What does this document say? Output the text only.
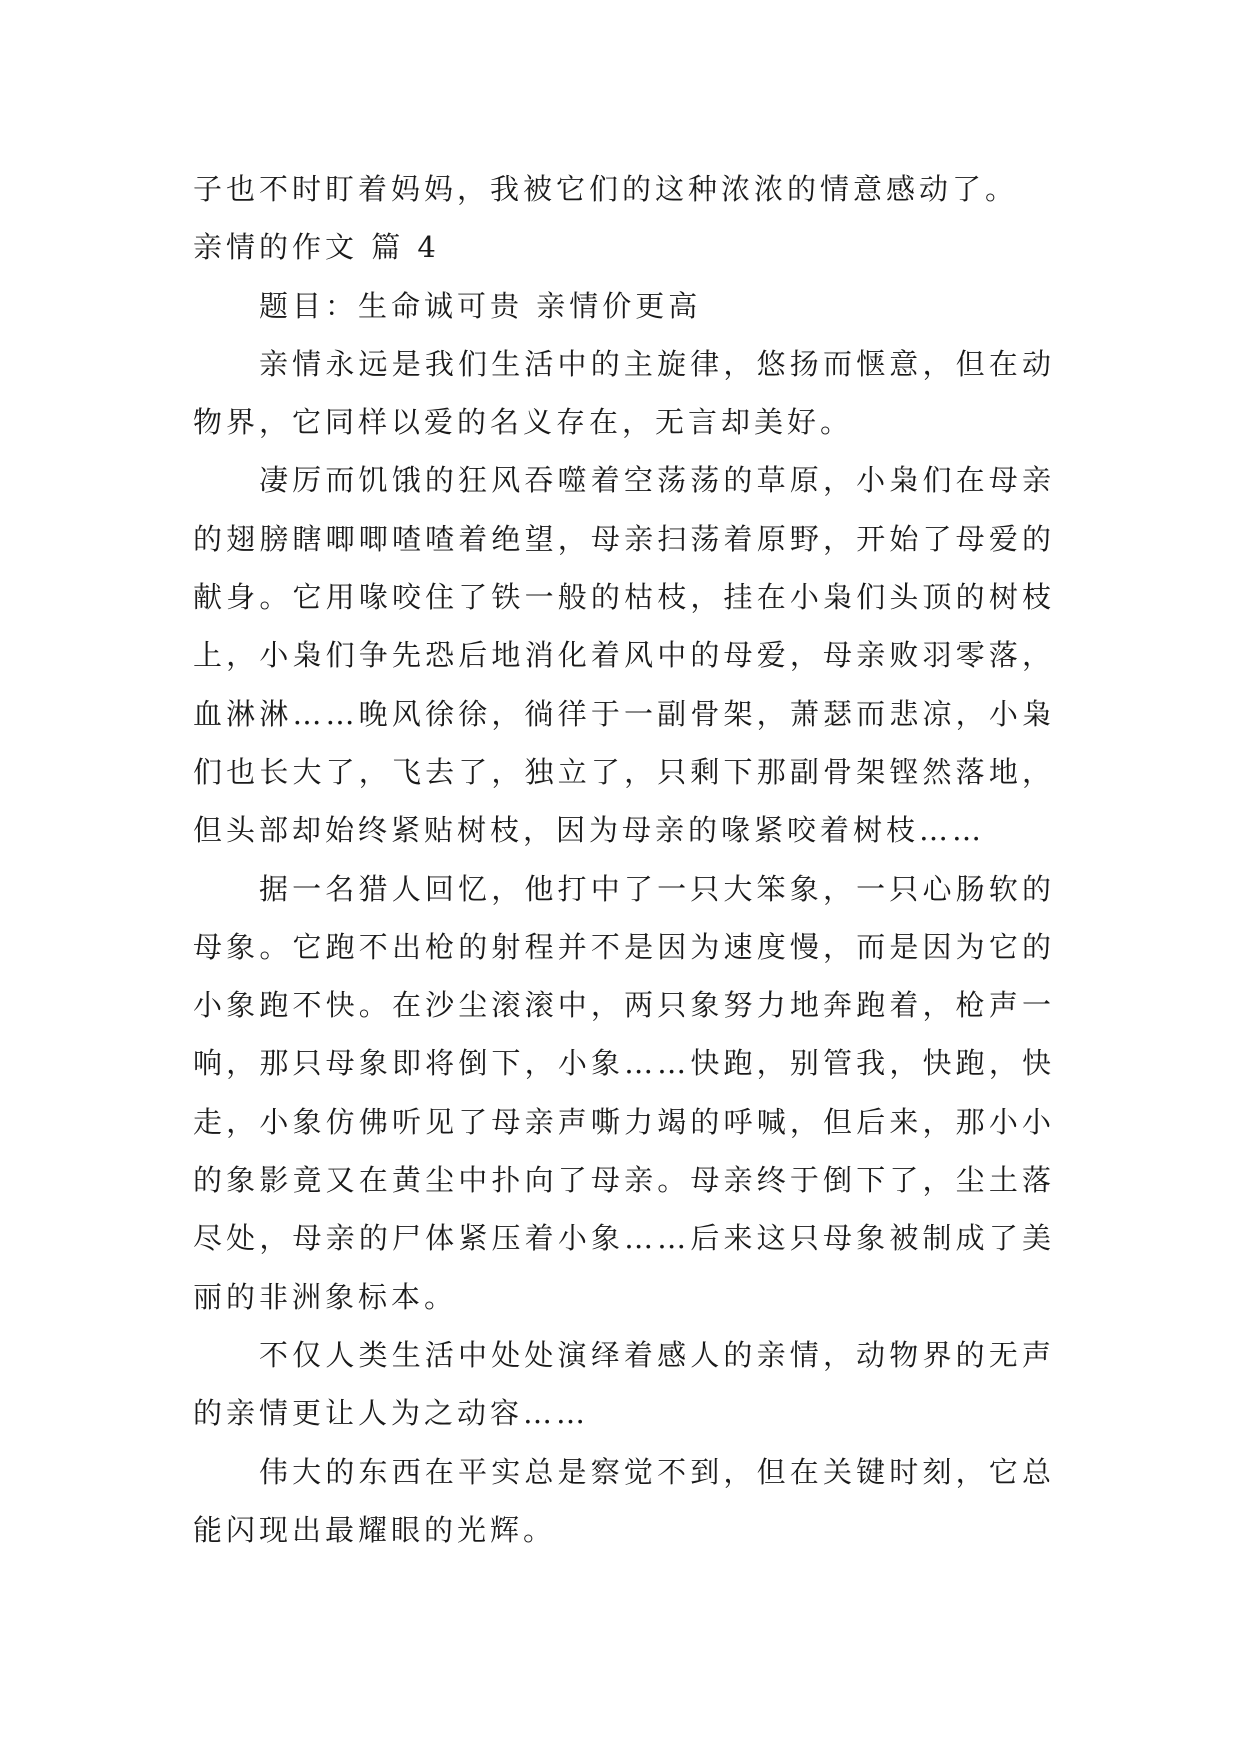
子也不时盯着妈妈，我被它们的这种浓浓的情意感动了。

亲情的作文 篇 4

题目：生命诚可贵 亲情价更高

亲情永远是我们生活中的主旋律，悠扬而惬意，但在动物界，它同样以爱的名义存在，无言却美好。

凄厉而饥饿的狂风吞噬着空荡荡的草原，小枭们在母亲的翅膀瞎唧唧喳喳着绝望，母亲扫荡着原野，开始了母爱的献身。它用喙咬住了铁一般的枯枝，挂在小枭们头顶的树枝上，小枭们争先恐后地消化着风中的母爱，母亲败羽零落，血淋淋……晚风徐徐，徜徉于一副骨架，萧瑟而悲凉，小枭们也长大了，飞去了，独立了，只剩下那副骨架铿然落地，但头部却始终紧贴树枝，因为母亲的喙紧咬着树枝……

据一名猎人回忆，他打中了一只大笨象，一只心肠软的母象。它跑不出枪的射程并不是因为速度慢，而是因为它的小象跑不快。在沙尘滚滚中，两只象努力地奔跑着，枪声一响，那只母象即将倒下，小象……快跑，别管我，快跑，快走，小象仿佛听见了母亲声嘶力竭的呼喊，但后来，那小小的象影竟又在黄尘中扑向了母亲。母亲终于倒下了，尘土落尽处，母亲的尸体紧压着小象……后来这只母象被制成了美丽的非洲象标本。

不仅人类生活中处处演绎着感人的亲情，动物界的无声的亲情更让人为之动容……

伟大的东西在平实总是察觉不到，但在关键时刻，它总能闪现出最耀眼的光辉。
